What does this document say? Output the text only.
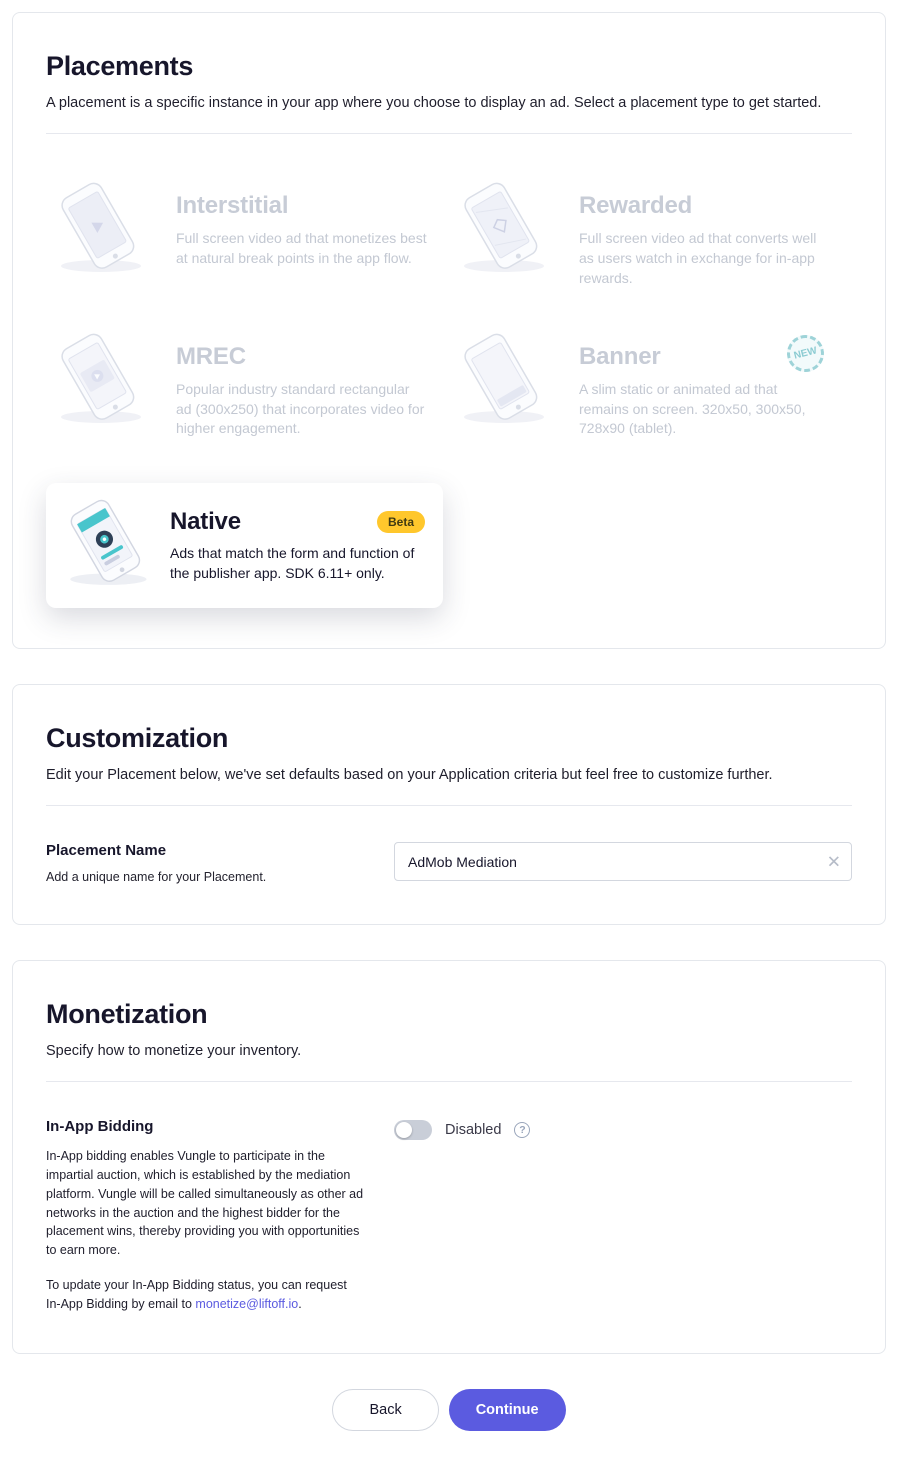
Placements

A placement is a specific instance in your app where you choose to display an ad. Select a placement type to get started.

Interstitial
Full screen video ad that monetizes best at natural break points in the app flow.
Rewarded
Full screen video ad that converts well as users watch in exchange for in-app rewards.
MREC
Popular industry standard rectangular ad (300x250) that incorporates video for higher engagement.
Banner
A slim static or animated ad that remains on screen. 320x50, 300x50, 728x90 (tablet).
NEW
Native	Beta
Ads that match the form and function of the publisher app. SDK 6.11+ only.
Customization

Edit your Placement below, we've set defaults based on your Application criteria but feel free to customize further.

Placement Name
Add a unique name for your Placement.
AdMob Mediation
✕
Monetization

Specify how to monetize your inventory.

In-App Bidding

In-App bidding enables Vungle to participate in the impartial auction, which is established by the mediation platform. Vungle will be called simultaneously as other ad networks in the auction and the highest bidder for the placement wins, thereby providing you with opportunities to earn more.

To update your In-App Bidding status, you can request In-App Bidding by email to monetize@liftoff.io.

Disabled	?
Back	Continue
